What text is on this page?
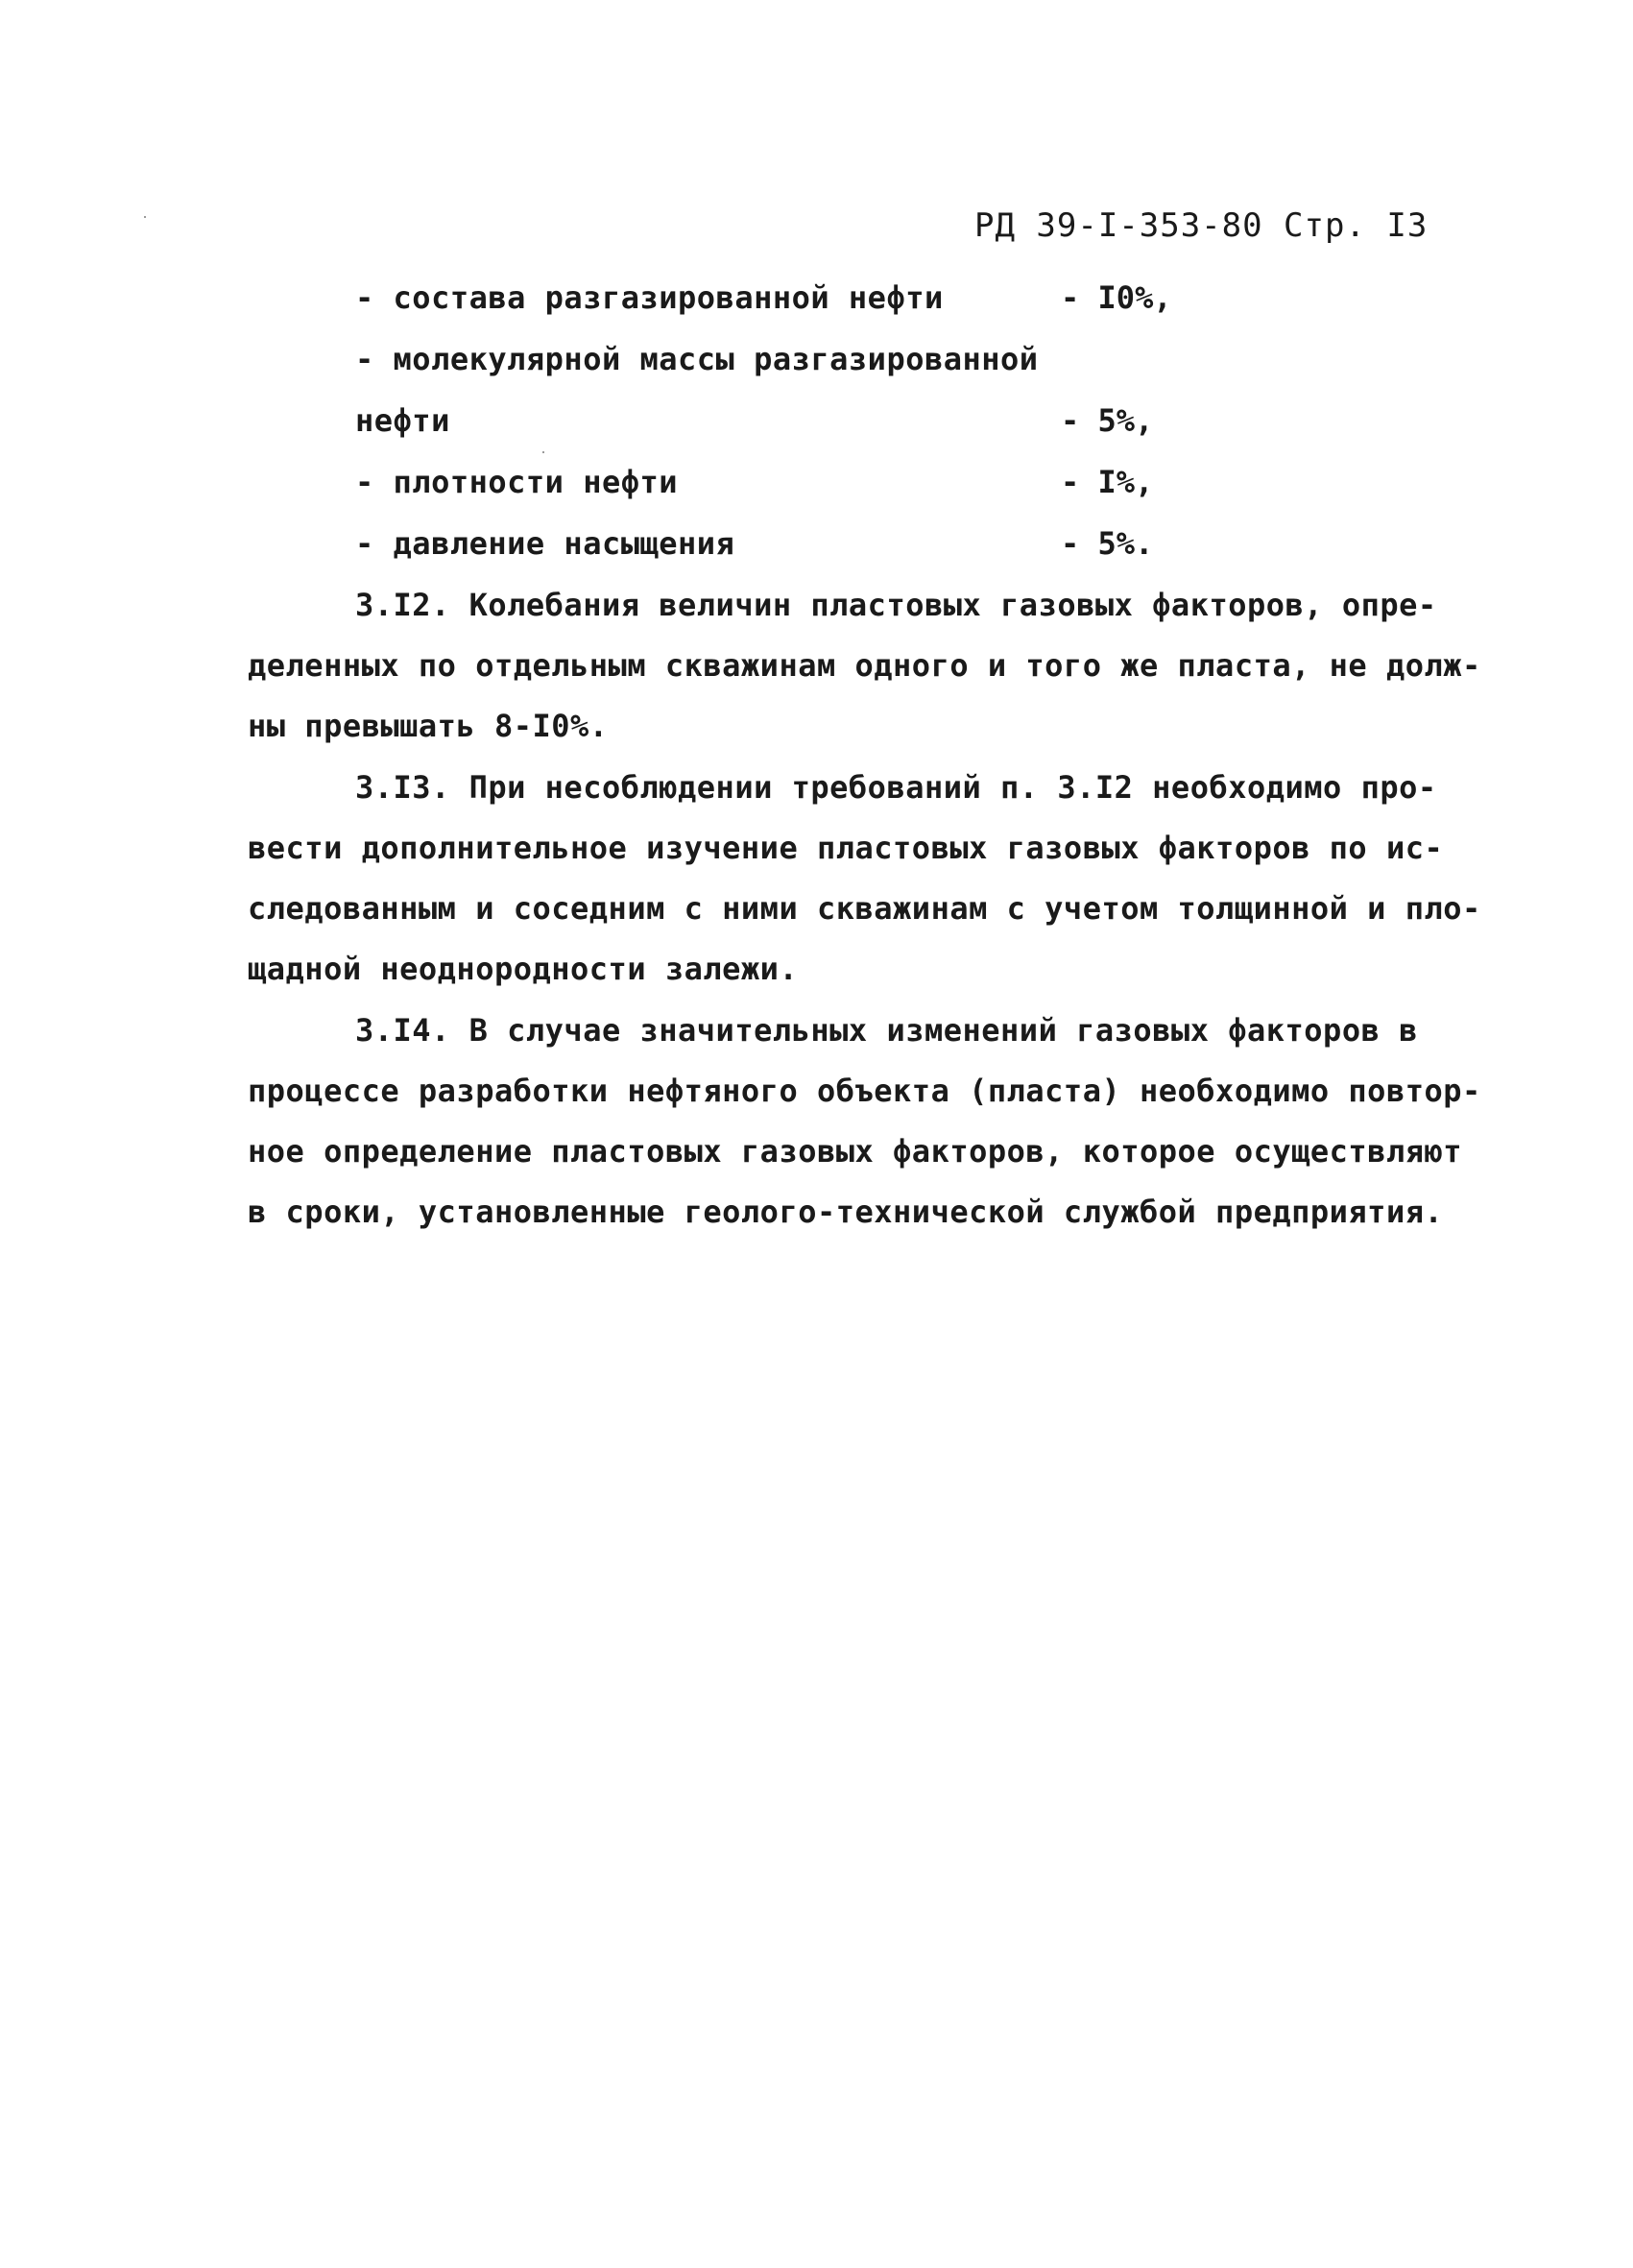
РД 39-I-353-80 Стр. I3
- состава разгазированной нефти	- I0%,
- молекулярной массы разгазированной
нефти	- 5%,
- плотности нефти	- I%,
- давление насыщения	- 5%.
3.I2. Колебания величин пластовых газовых факторов, опре-
деленных по отдельным скважинам одного и того же пласта, не долж-
ны превышать 8-I0%.
3.I3. При несоблюдении требований п. 3.I2 необходимо про-
вести дополнительное изучение пластовых газовых факторов по ис-
следованным и соседним с ними скважинам с учетом толщинной и пло-
щадной неоднородности залежи.
3.I4. В случае значительных изменений газовых факторов в
процессе разработки нефтяного объекта (пласта) необходимо повтор-
ное определение пластовых газовых факторов, которое осуществляют
в сроки, установленные геолого-технической службой предприятия.
